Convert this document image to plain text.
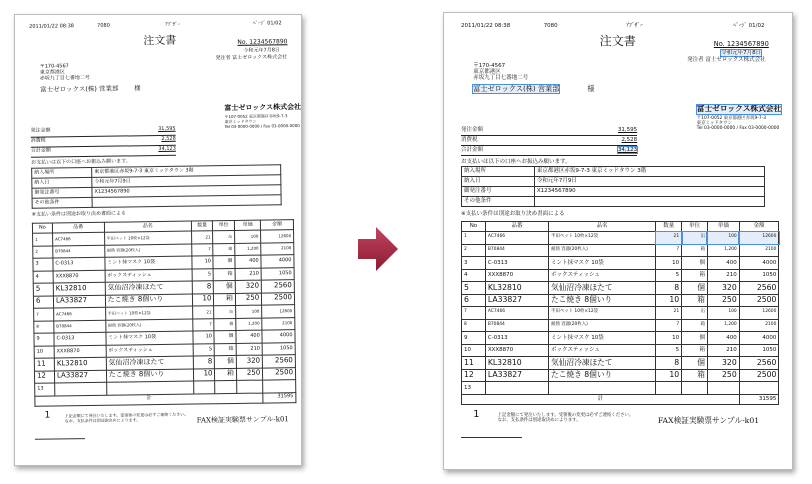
2011/01/22 08:38	7080	ｱﾌﾞｻﾞｰ	ﾍﾟｰｼﾞ 01/02
注文書	No. 1234567890
令和元年7月8日
発注者 富士ゼロックス株式会社
〒170-4567
東京都港区
赤坂九丁目七番地二号
富士ゼロックス(株) 営業部 様
富士ゼロックス株式会社
〒107-0052 東京都港区赤坂9-7-3
東京ミッドタウン
Tel 03-0000-0000 / Fax 03-0000-0000
発注金額	31,595
消費税	2,528
合計金額	34,123
お支払いは以下の口座へお振込み願います。
納入場所	東京都港区赤坂9-7-3 東京ミッドタウン 3階
納入日	令和元年7月9日
御発注番号	X1234567890
その他条件	
※支払い条件は別途お取り決め書面による
No	品番	品名	数量	単位	単価	金額
1	AC7466	半田ペット 10枚×12袋	21	缶	100	12600
2	B70844	耐熱 容器(20枚入)	7	箱	1,200	2100
3	C-0313	ミント抹マスク 10袋	10	個	400	4000
4	XXX8870	ボックスティッシュ	5	箱	210	1050
5	KL32810	気仙沼冷凍ほたて	8	個	320	2560
6	LA33827	たこ焼き 8個いり	10	箱	250	2500
7	AC7466	半田ペット 10枚×12袋	21	缶	100	12600
8	B70844	耐熱 容器(20枚入)	7	箱	1,200	2100
9	C-0313	ミント抹マスク 10袋	10	個	400	4000
10	XXX8870	ボックスティッシュ	5	箱	210	1050
11	KL32810	気仙沼冷凍ほたて	8	個	320	2560
12	LA33827	たこ焼き 8個いり	10	箱	250	2500
13						
計						31595
1	上記金額にて発注いたします。受領後の変更は必ずご連絡ください。
なお、支払条件は別途取決めによります。	FAX検証実験票サンプル-k01
2011/01/22 08:38	7080	ｱﾌﾞｻﾞｰ	ﾍﾟｰｼﾞ 01/02
注文書	No. 1234567890
令和元年7月8日
発注者 富士ゼロックス株式会社
〒170-4567
東京都港区
赤坂九丁目七番地二号
富士ゼロックス(株) 営業部	様
富士ゼロックス株式会社
〒107-0052 東京都港区赤坂9-7-3
東京ミッドタウン
Tel 03-0000-0000 / Fax 03-0000-0000
発注金額	31,595
消費税	2,528
合計金額	34,123
お支払いは以下の口座へお振込み願います。
納入場所	東京都港区赤坂9-7-3 東京ミッドタウン 3階
納入日	令和元年7月9日
御発注番号	X1234567890
その他条件	
※支払い条件は別途お取り決め書面による
No	品番	品名	数量	単位	単価	金額
1	AC7466	半田ペット 10枚×12袋	21	缶	100	12600
2	B70844	耐熱 容器(20枚入)	7	箱	1,200	2100
3	C-0313	ミント抹マスク 10袋	10	個	400	4000
4	XXX8870	ボックスティッシュ	5	箱	210	1050
5	KL32810	気仙沼冷凍ほたて	8	個	320	2560
6	LA33827	たこ焼き 8個いり	10	箱	250	2500
7	AC7466	半田ペット 10枚×12袋	21	缶	100	12600
8	B70844	耐熱 容器(20枚入)	7	箱	1,200	2100
9	C-0313	ミント抹マスク 10袋	10	個	400	4000
10	XXX8870	ボックスティッシュ	5	箱	210	1050
11	KL32810	気仙沼冷凍ほたて	8	個	320	2560
12	LA33827	たこ焼き 8個いり	10	箱	250	2500
13						
計						31595
1	上記金額にて発注いたします。受領後の変更は必ずご連絡ください。
なお、支払条件は別途取決めによります。	FAX検証実験票サンプル-k01
